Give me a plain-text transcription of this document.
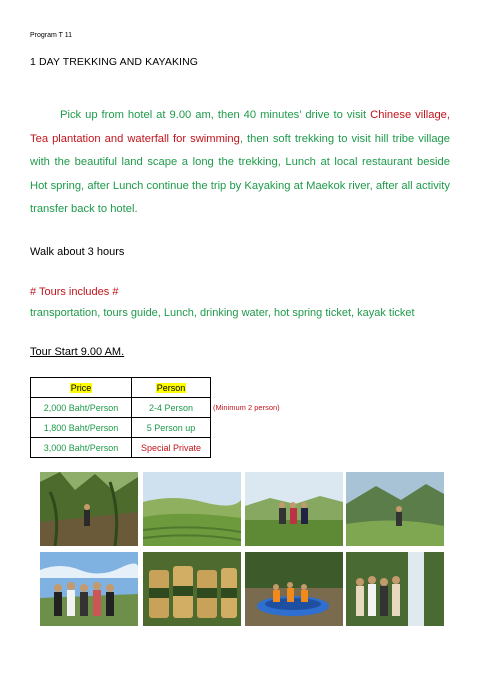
Program T 11
1 DAY TREKKING AND KAYAKING
Pick up from hotel at 9.00 am, then 40 minutes’ drive to visit Chinese village, Tea plantation and waterfall for swimming, then soft trekking to visit hill tribe village with the beautiful land scape a long the trekking, Lunch at local restaurant beside Hot spring, after Lunch continue the trip by Kayaking at Maekok river, after all activity transfer back to hotel.
Walk about 3 hours
# Tours includes #
transportation, tours guide, Lunch, drinking water, hot spring ticket, kayak ticket
Tour Start 9.00 AM.
Price	Person
2,000 Baht/Person	2-4 Person
1,800 Baht/Person	5 Person up
3,000 Baht/Person	Special Private
(Minimum 2 person)
